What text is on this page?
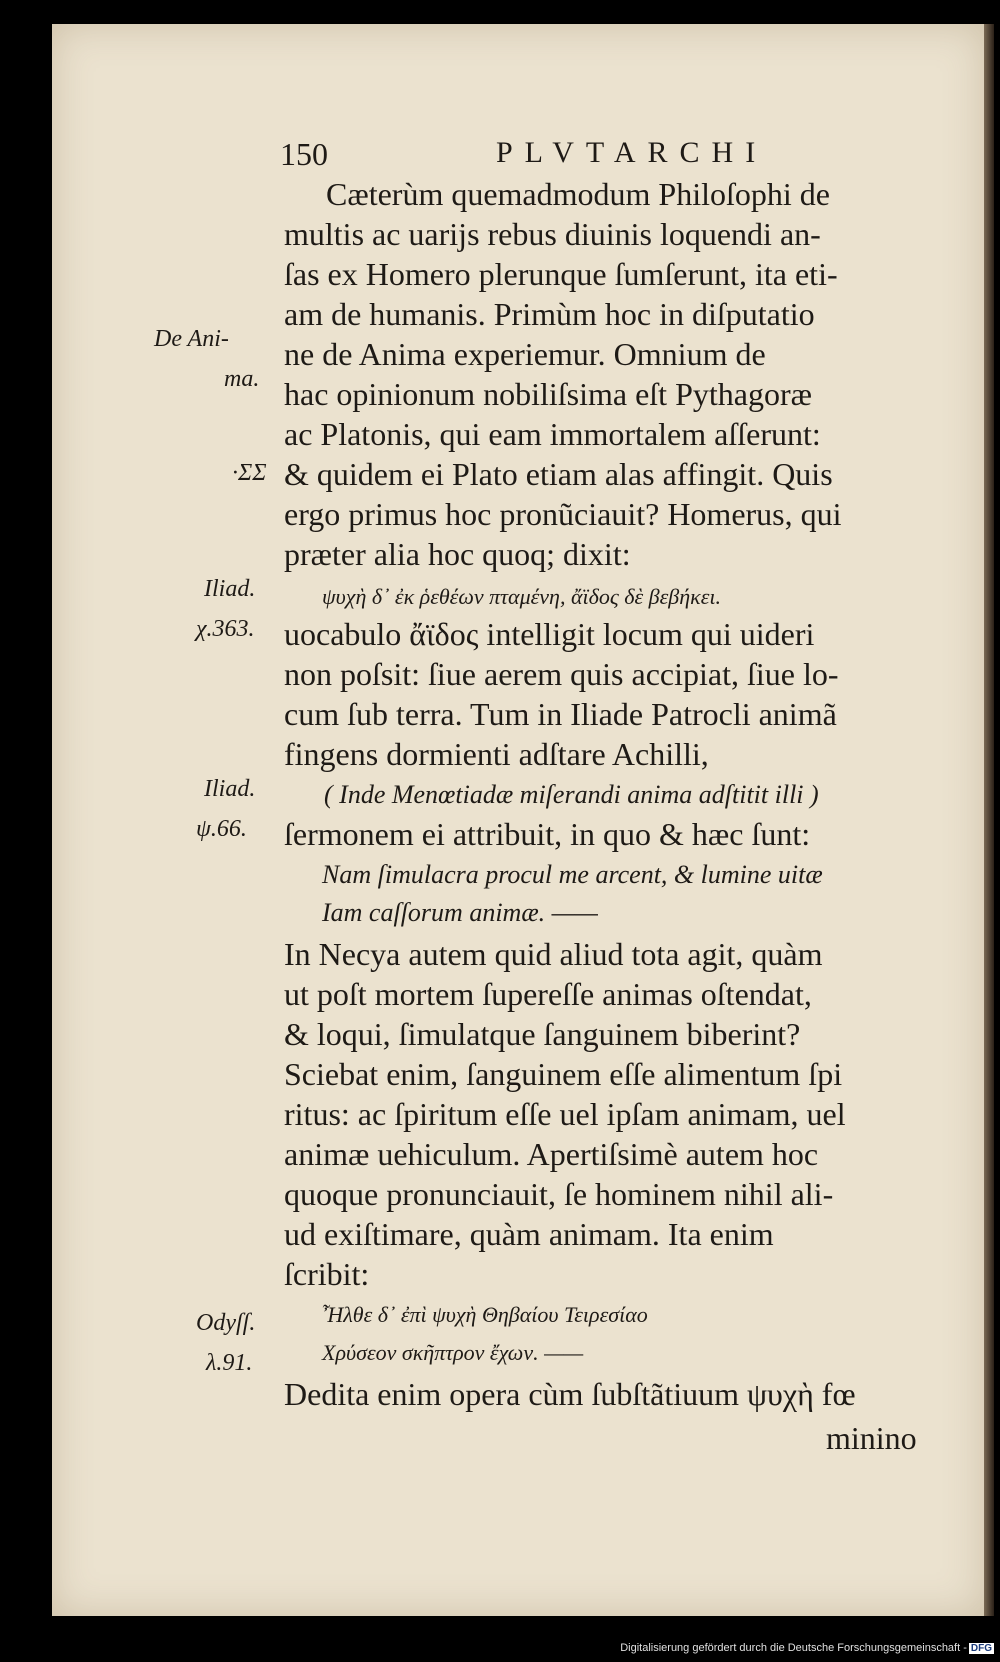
150	PLVTARCHI
De Ani-
ma.
·ΣΣ
Iliad.
χ.363.
Iliad.
ψ.66.
Odyſſ.
λ.91.
Cæterùm quemadmodum Philoſophi de
multis ac uarijs rebus diuinis loquendi an-
ſas ex Homero plerunque ſumſerunt, ita eti-
am de humanis. Primùm hoc in diſputatio
ne de Anima experiemur. Omnium de
hac opinionum nobiliſsima eſt Pythagoræ
ac Platonis, qui eam immortalem aſſerunt:
& quidem ei Plato etiam alas affingit. Quis
ergo primus hoc pronũciauit? Homerus, qui
præter alia hoc quoq; dixit:
ψυχὴ δ᾽ ἐκ ῥεθέων πταμένη, ἄϊδος δὲ βεβήκει.
uocabulo ἄϊδος intelligit locum qui uideri
non poſsit: ſiue aerem quis accipiat, ſiue lo-
cum ſub terra. Tum in Iliade Patrocli animã
fingens dormienti adſtare Achilli,
( Inde Menœtiadæ miſerandi anima adſtitit illi )
ſermonem ei attribuit, in quo & hæc ſunt:
Nam ſimulacra procul me arcent, & lumine uitæ
Iam caſſorum animæ. ——
In Necya autem quid aliud tota agit, quàm
ut poſt mortem ſupereſſe animas oſtendat,
& loqui, ſimulatque ſanguinem biberint?
Sciebat enim, ſanguinem eſſe alimentum ſpi
ritus: ac ſpiritum eſſe uel ipſam animam, uel
animæ uehiculum. Apertiſsimè autem hoc
quoque pronunciauit, ſe hominem nihil ali-
ud exiſtimare, quàm animam. Ita enim
ſcribit:
Ἦλθε δ᾽ ἐπὶ ψυχὴ Θηβαίου Τειρεσίαο
Χρύσεον σκῆπτρον ἔχων. ——
Dedita enim opera cùm ſubſtãtiuum ψυχὴ fœ
minino
Digitalisierung gefördert durch die Deutsche Forschungsgemeinschaft - DFG
